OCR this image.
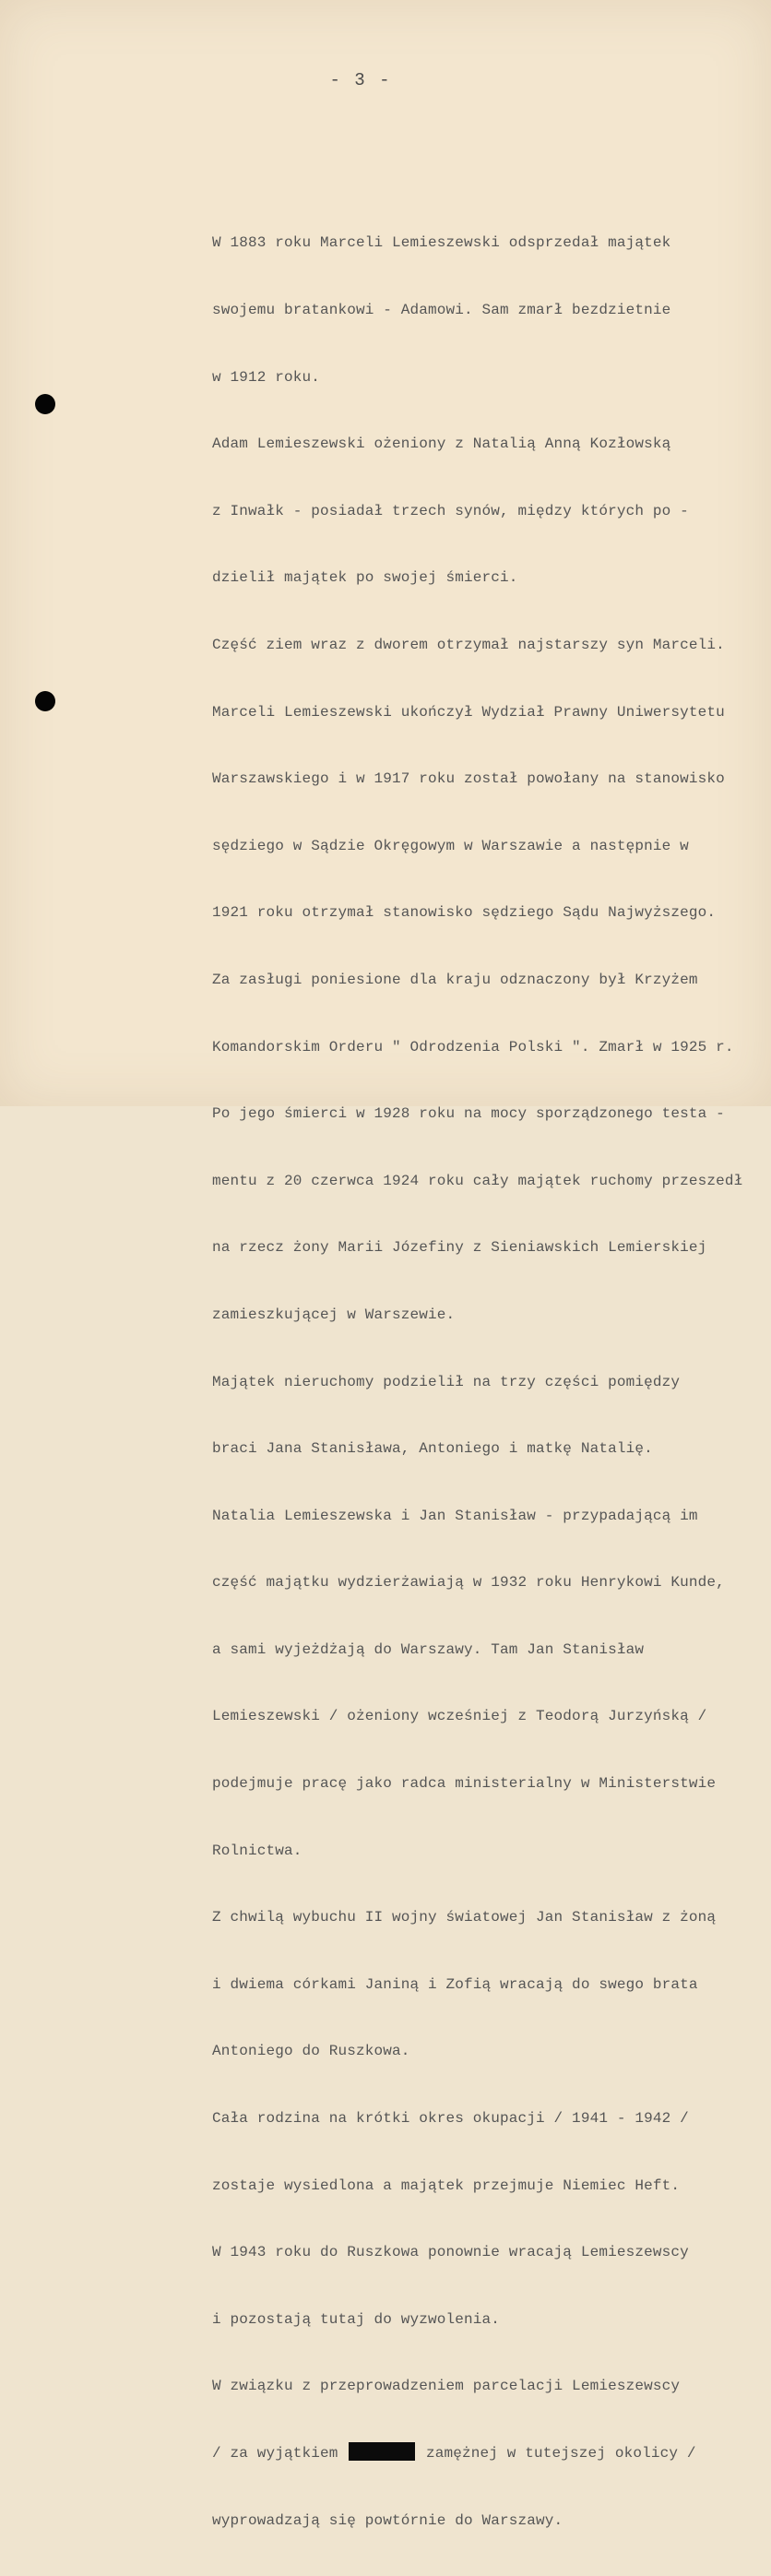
- 3 -

W 1883 roku Marceli Lemieszewski odsprzedał majątek

swojemu bratankowi - Adamowi. Sam zmarł bezdzietnie

w 1912 roku.

Adam Lemieszewski ożeniony z Natalią Anną Kozłowską

z Inwałk - posiadał trzech synów, między których po -

dzielił majątek po swojej śmierci.

Część ziem wraz z dworem otrzymał najstarszy syn Marceli.

Marceli Lemieszewski ukończył Wydział Prawny Uniwersytetu

Warszawskiego i w 1917 roku został powołany na stanowisko

sędziego w Sądzie Okręgowym w Warszawie a następnie w

1921 roku otrzymał stanowisko sędziego Sądu Najwyższego.

Za zasługi poniesione dla kraju odznaczony był Krzyżem

Komandorskim Orderu " Odrodzenia Polski ". Zmarł w 1925 r.

Po jego śmierci w 1928 roku na mocy sporządzonego testa -

mentu z 20 czerwca 1924 roku cały majątek ruchomy przeszedł

na rzecz żony Marii Józefiny z Sieniawskich Lemierskiej

zamieszkującej w Warszewie.

Majątek nieruchomy podzielił na trzy części pomiędzy

braci Jana Stanisława, Antoniego i matkę Natalię.

Natalia Lemieszewska i Jan Stanisław - przypadającą im

część majątku wydzierżawiają w 1932 roku Henrykowi Kunde,

a sami wyjeżdżają do Warszawy. Tam Jan Stanisław

Lemieszewski / ożeniony wcześniej z Teodorą Jurzyńską /

podejmuje pracę jako radca ministerialny w Ministerstwie

Rolnictwa.

Z chwilą wybuchu II wojny światowej Jan Stanisław z żoną

i dwiema córkami Janiną i Zofią wracają do swego brata

Antoniego do Ruszkowa.

Cała rodzina na krótki okres okupacji / 1941 - 1942 /

zostaje wysiedlona a majątek przejmuje Niemiec Heft.

W 1943 roku do Ruszkowa ponownie wracają Lemieszewscy

i pozostają tutaj do wyzwolenia.

W związku z przeprowadzeniem parcelacji Lemieszewscy

/ za wyjątkiem	zamężnej w tutejszej okolicy /

wyprowadzają się powtórnie do Warszawy.
